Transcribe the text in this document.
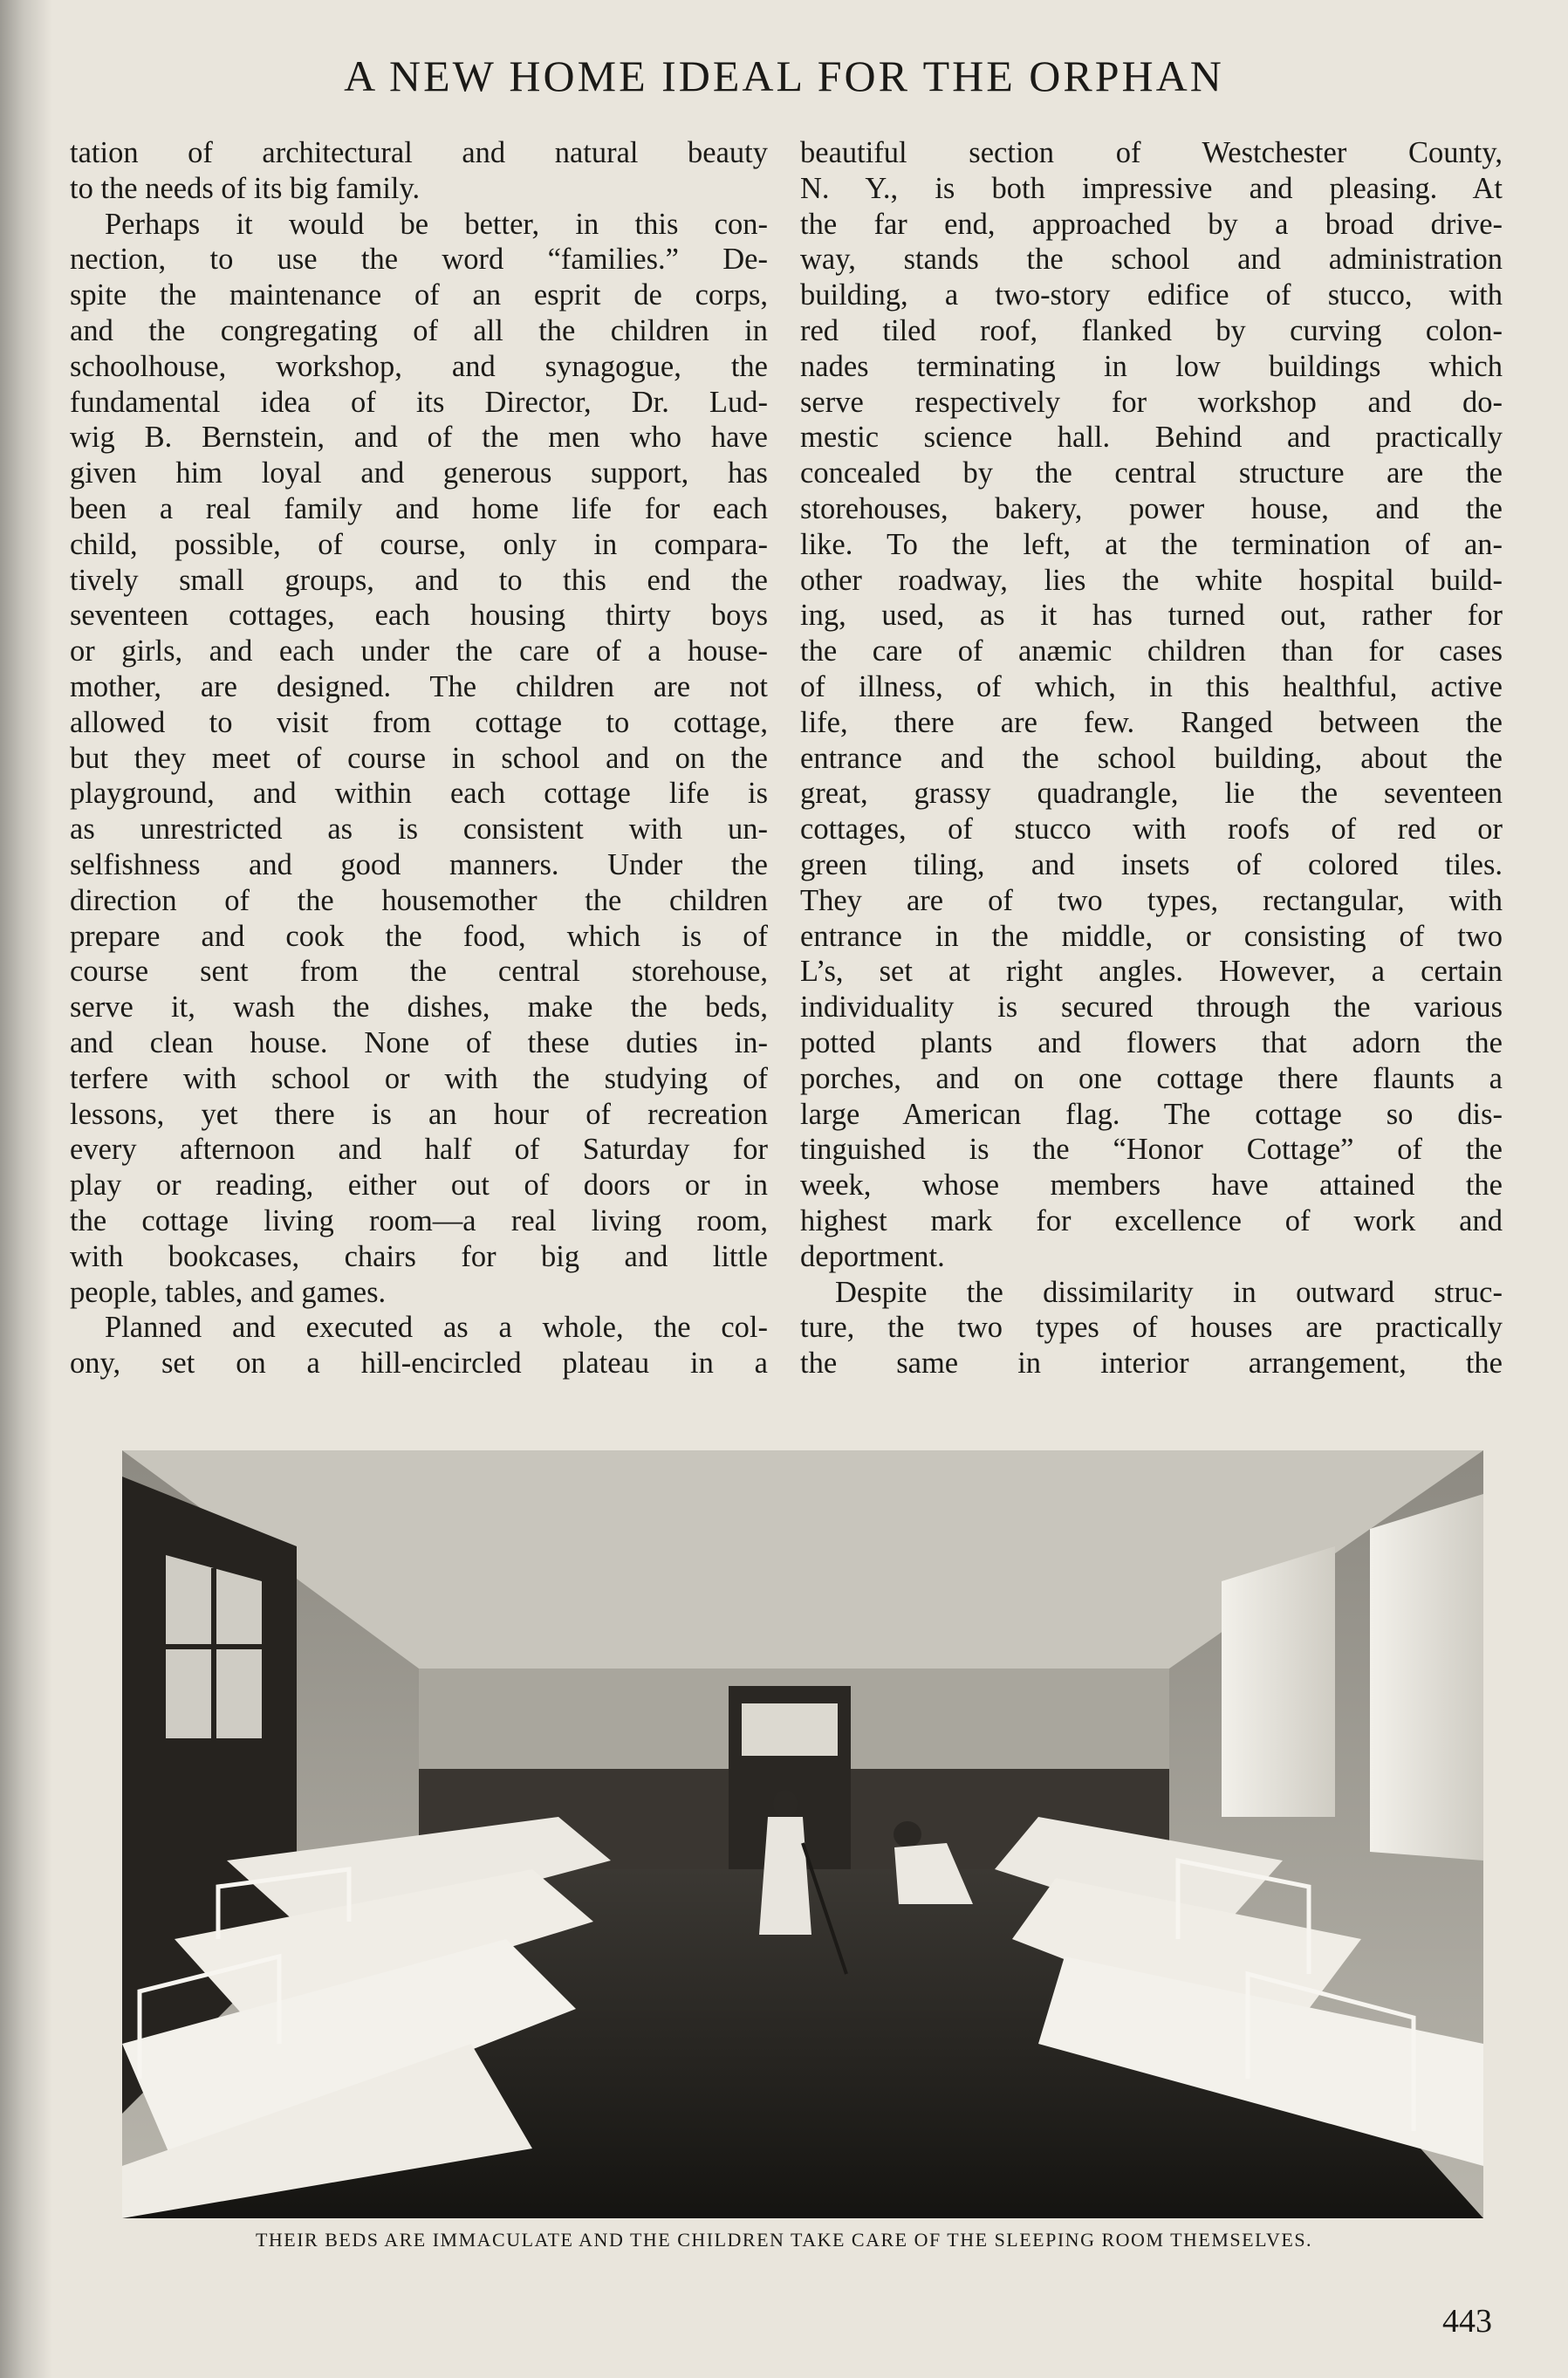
A NEW HOME IDEAL FOR THE ORPHAN
tation of architectural and natural beauty
to the needs of its big family.
Perhaps it would be better, in this con-
nection, to use the word “families.” De-
spite the maintenance of an esprit de corps,
and the congregating of all the children in
schoolhouse, workshop, and synagogue, the
fundamental idea of its Director, Dr. Lud-
wig B. Bernstein, and of the men who have
given him loyal and generous support, has
been a real family and home life for each
child, possible, of course, only in compara-
tively small groups, and to this end the
seventeen cottages, each housing thirty boys
or girls, and each under the care of a house-
mother, are designed. The children are not
allowed to visit from cottage to cottage,
but they meet of course in school and on the
playground, and within each cottage life is
as unrestricted as is consistent with un-
selfishness and good manners. Under the
direction of the housemother the children
prepare and cook the food, which is of
course sent from the central storehouse,
serve it, wash the dishes, make the beds,
and clean house. None of these duties in-
terfere with school or with the studying of
lessons, yet there is an hour of recreation
every afternoon and half of Saturday for
play or reading, either out of doors or in
the cottage living room—a real living room,
with bookcases, chairs for big and little
people, tables, and games.
Planned and executed as a whole, the col-
ony, set on a hill-encircled plateau in a
beautiful section of Westchester County,
N. Y., is both impressive and pleasing. At
the far end, approached by a broad drive-
way, stands the school and administration
building, a two-story edifice of stucco, with
red tiled roof, flanked by curving colon-
nades terminating in low buildings which
serve respectively for workshop and do-
mestic science hall. Behind and practically
concealed by the central structure are the
storehouses, bakery, power house, and the
like. To the left, at the termination of an-
other roadway, lies the white hospital build-
ing, used, as it has turned out, rather for
the care of anæmic children than for cases
of illness, of which, in this healthful, active
life, there are few. Ranged between the
entrance and the school building, about the
great, grassy quadrangle, lie the seventeen
cottages, of stucco with roofs of red or
green tiling, and insets of colored tiles.
They are of two types, rectangular, with
entrance in the middle, or consisting of two
L’s, set at right angles. However, a certain
individuality is secured through the various
potted plants and flowers that adorn the
porches, and on one cottage there flaunts a
large American flag. The cottage so dis-
tinguished is the “Honor Cottage” of the
week, whose members have attained the
highest mark for excellence of work and
deportment.
Despite the dissimilarity in outward struc-
ture, the two types of houses are practically
the same in interior arrangement, the
THEIR BEDS ARE IMMACULATE AND THE CHILDREN TAKE CARE OF THE SLEEPING ROOM THEMSELVES.
443
